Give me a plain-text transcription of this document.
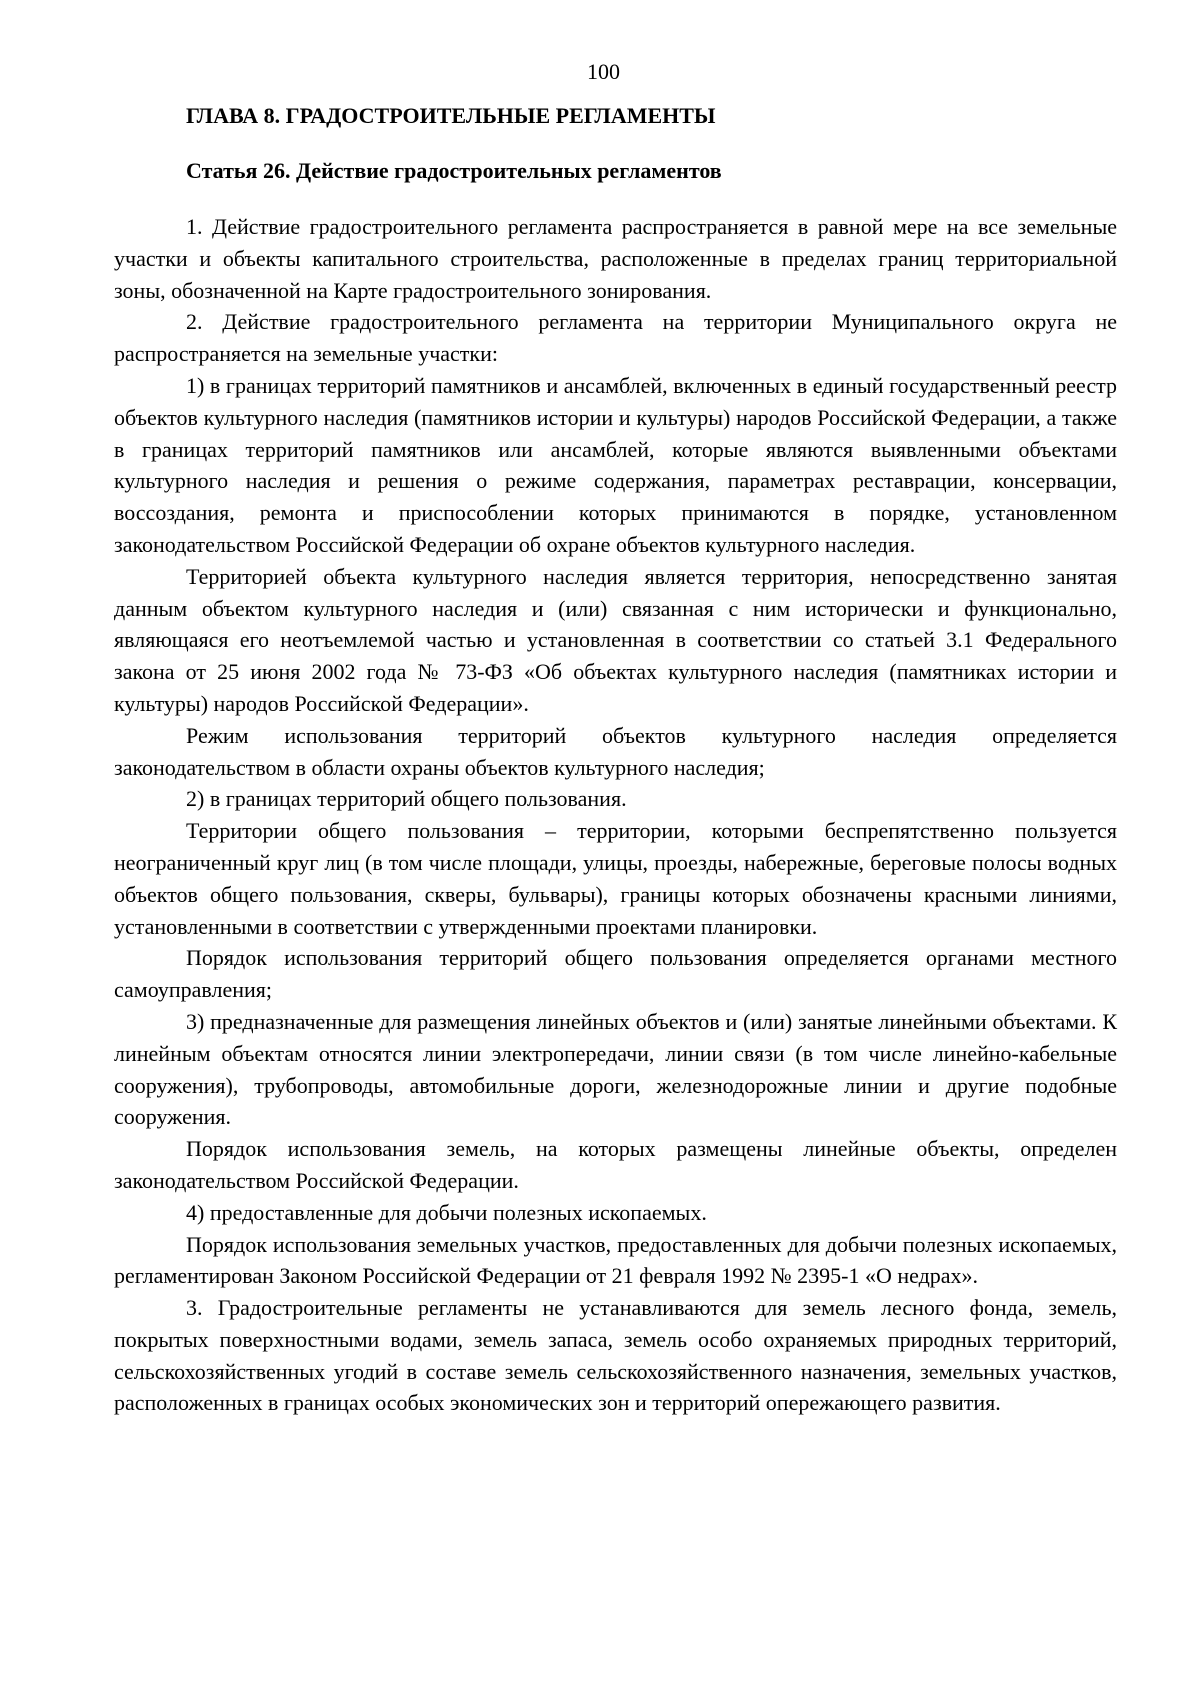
100
ГЛАВА 8. ГРАДОСТРОИТЕЛЬНЫЕ РЕГЛАМЕНТЫ
Статья 26. Действие градостроительных регламентов

1. Действие градостроительного регламента распространяется в равной мере на все земельные участки и объекты капитального строительства, расположенные в пределах границ территориальной зоны, обозначенной на Карте градостроительного зонирования.

2. Действие градостроительного регламента на территории Муниципального округа не распространяется на земельные участки:

1) в границах территорий памятников и ансамблей, включенных в единый государственный реестр объектов культурного наследия (памятников истории и культуры) народов Российской Федерации, а также в границах территорий памятников или ансамблей, которые являются выявленными объектами культурного наследия и решения о режиме содержания, параметрах реставрации, консервации, воссоздания, ремонта и приспособлении которых принимаются в порядке, установленном законодательством Российской Федерации об охране объектов культурного наследия.

Территорией объекта культурного наследия является территория, непосредственно занятая данным объектом культурного наследия и (или) связанная с ним исторически и функционально, являющаяся его неотъемлемой частью и установленная в соответствии со статьей 3.1 Федерального закона от 25 июня 2002 года № 73-ФЗ «Об объектах культурного наследия (памятниках истории и культуры) народов Российской Федерации».

Режим использования территорий объектов культурного наследия определяется законодательством в области охраны объектов культурного наследия;

2) в границах территорий общего пользования.

Территории общего пользования – территории, которыми беспрепятственно пользуется неограниченный круг лиц (в том числе площади, улицы, проезды, набережные, береговые полосы водных объектов общего пользования, скверы, бульвары), границы которых обозначены красными линиями, установленными в соответствии с утвержденными проектами планировки.

Порядок использования территорий общего пользования определяется органами местного самоуправления;

3) предназначенные для размещения линейных объектов и (или) занятые линейными объектами. К линейным объектам относятся линии электропередачи, линии связи (в том числе линейно-кабельные сооружения), трубопроводы, автомобильные дороги, железнодорожные линии и другие подобные сооружения.

Порядок использования земель, на которых размещены линейные объекты, определен законодательством Российской Федерации.

4) предоставленные для добычи полезных ископаемых.

Порядок использования земельных участков, предоставленных для добычи полезных ископаемых, регламентирован Законом Российской Федерации от 21 февраля 1992 № 2395-1 «О недрах».

3. Градостроительные регламенты не устанавливаются для земель лесного фонда, земель, покрытых поверхностными водами, земель запаса, земель особо охраняемых природных территорий, сельскохозяйственных угодий в составе земель сельскохозяйственного назначения, земельных участков, расположенных в границах особых экономических зон и территорий опережающего развития.
